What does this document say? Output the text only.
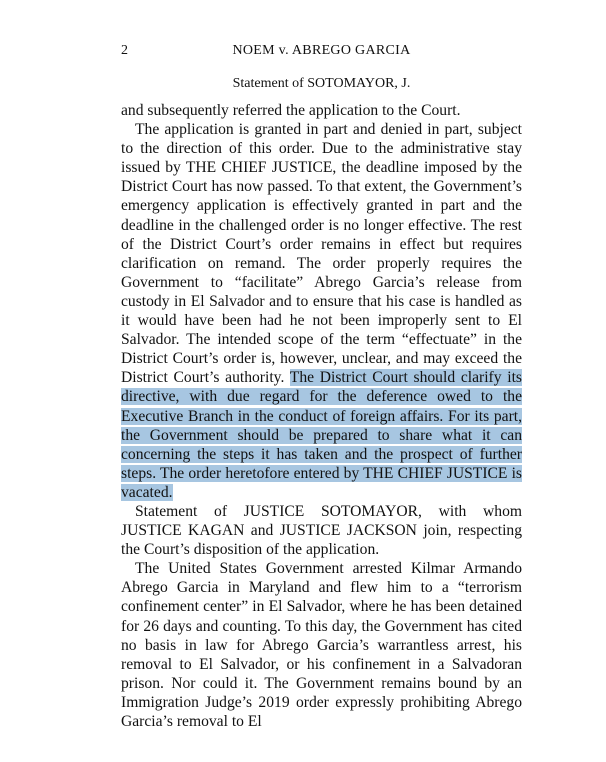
2	NOEM v. ABREGO GARCIA
Statement of SOTOMAYOR, J.

and subsequently referred the application to the Court.

The application is granted in part and denied in part, subject to the direction of this order. Due to the administrative stay issued by THE CHIEF JUSTICE, the deadline imposed by the District Court has now passed. To that extent, the Government’s emergency application is effectively granted in part and the deadline in the challenged order is no longer effective. The rest of the District Court’s order remains in effect but requires clarification on remand. The order properly requires the Government to “facilitate” Abrego Garcia’s release from custody in El Salvador and to ensure that his case is handled as it would have been had he not been improperly sent to El Salvador. The intended scope of the term “effectuate” in the District Court’s order is, however, unclear, and may exceed the District Court’s authority. The District Court should clarify its directive, with due regard for the deference owed to the Executive Branch in the conduct of foreign affairs. For its part, the Government should be prepared to share what it can concerning the steps it has taken and the prospect of further steps. The order heretofore entered by THE CHIEF JUSTICE is vacated.

Statement of JUSTICE SOTOMAYOR, with whom JUSTICE KAGAN and JUSTICE JACKSON join, respecting the Court’s disposition of the application.

The United States Government arrested Kilmar Armando Abrego Garcia in Maryland and flew him to a “terrorism confinement center” in El Salvador, where he has been detained for 26 days and counting. To this day, the Government has cited no basis in law for Abrego Garcia’s warrantless arrest, his removal to El Salvador, or his confinement in a Salvadoran prison. Nor could it. The Government remains bound by an Immigration Judge’s 2019 order expressly prohibiting Abrego Garcia’s removal to El
